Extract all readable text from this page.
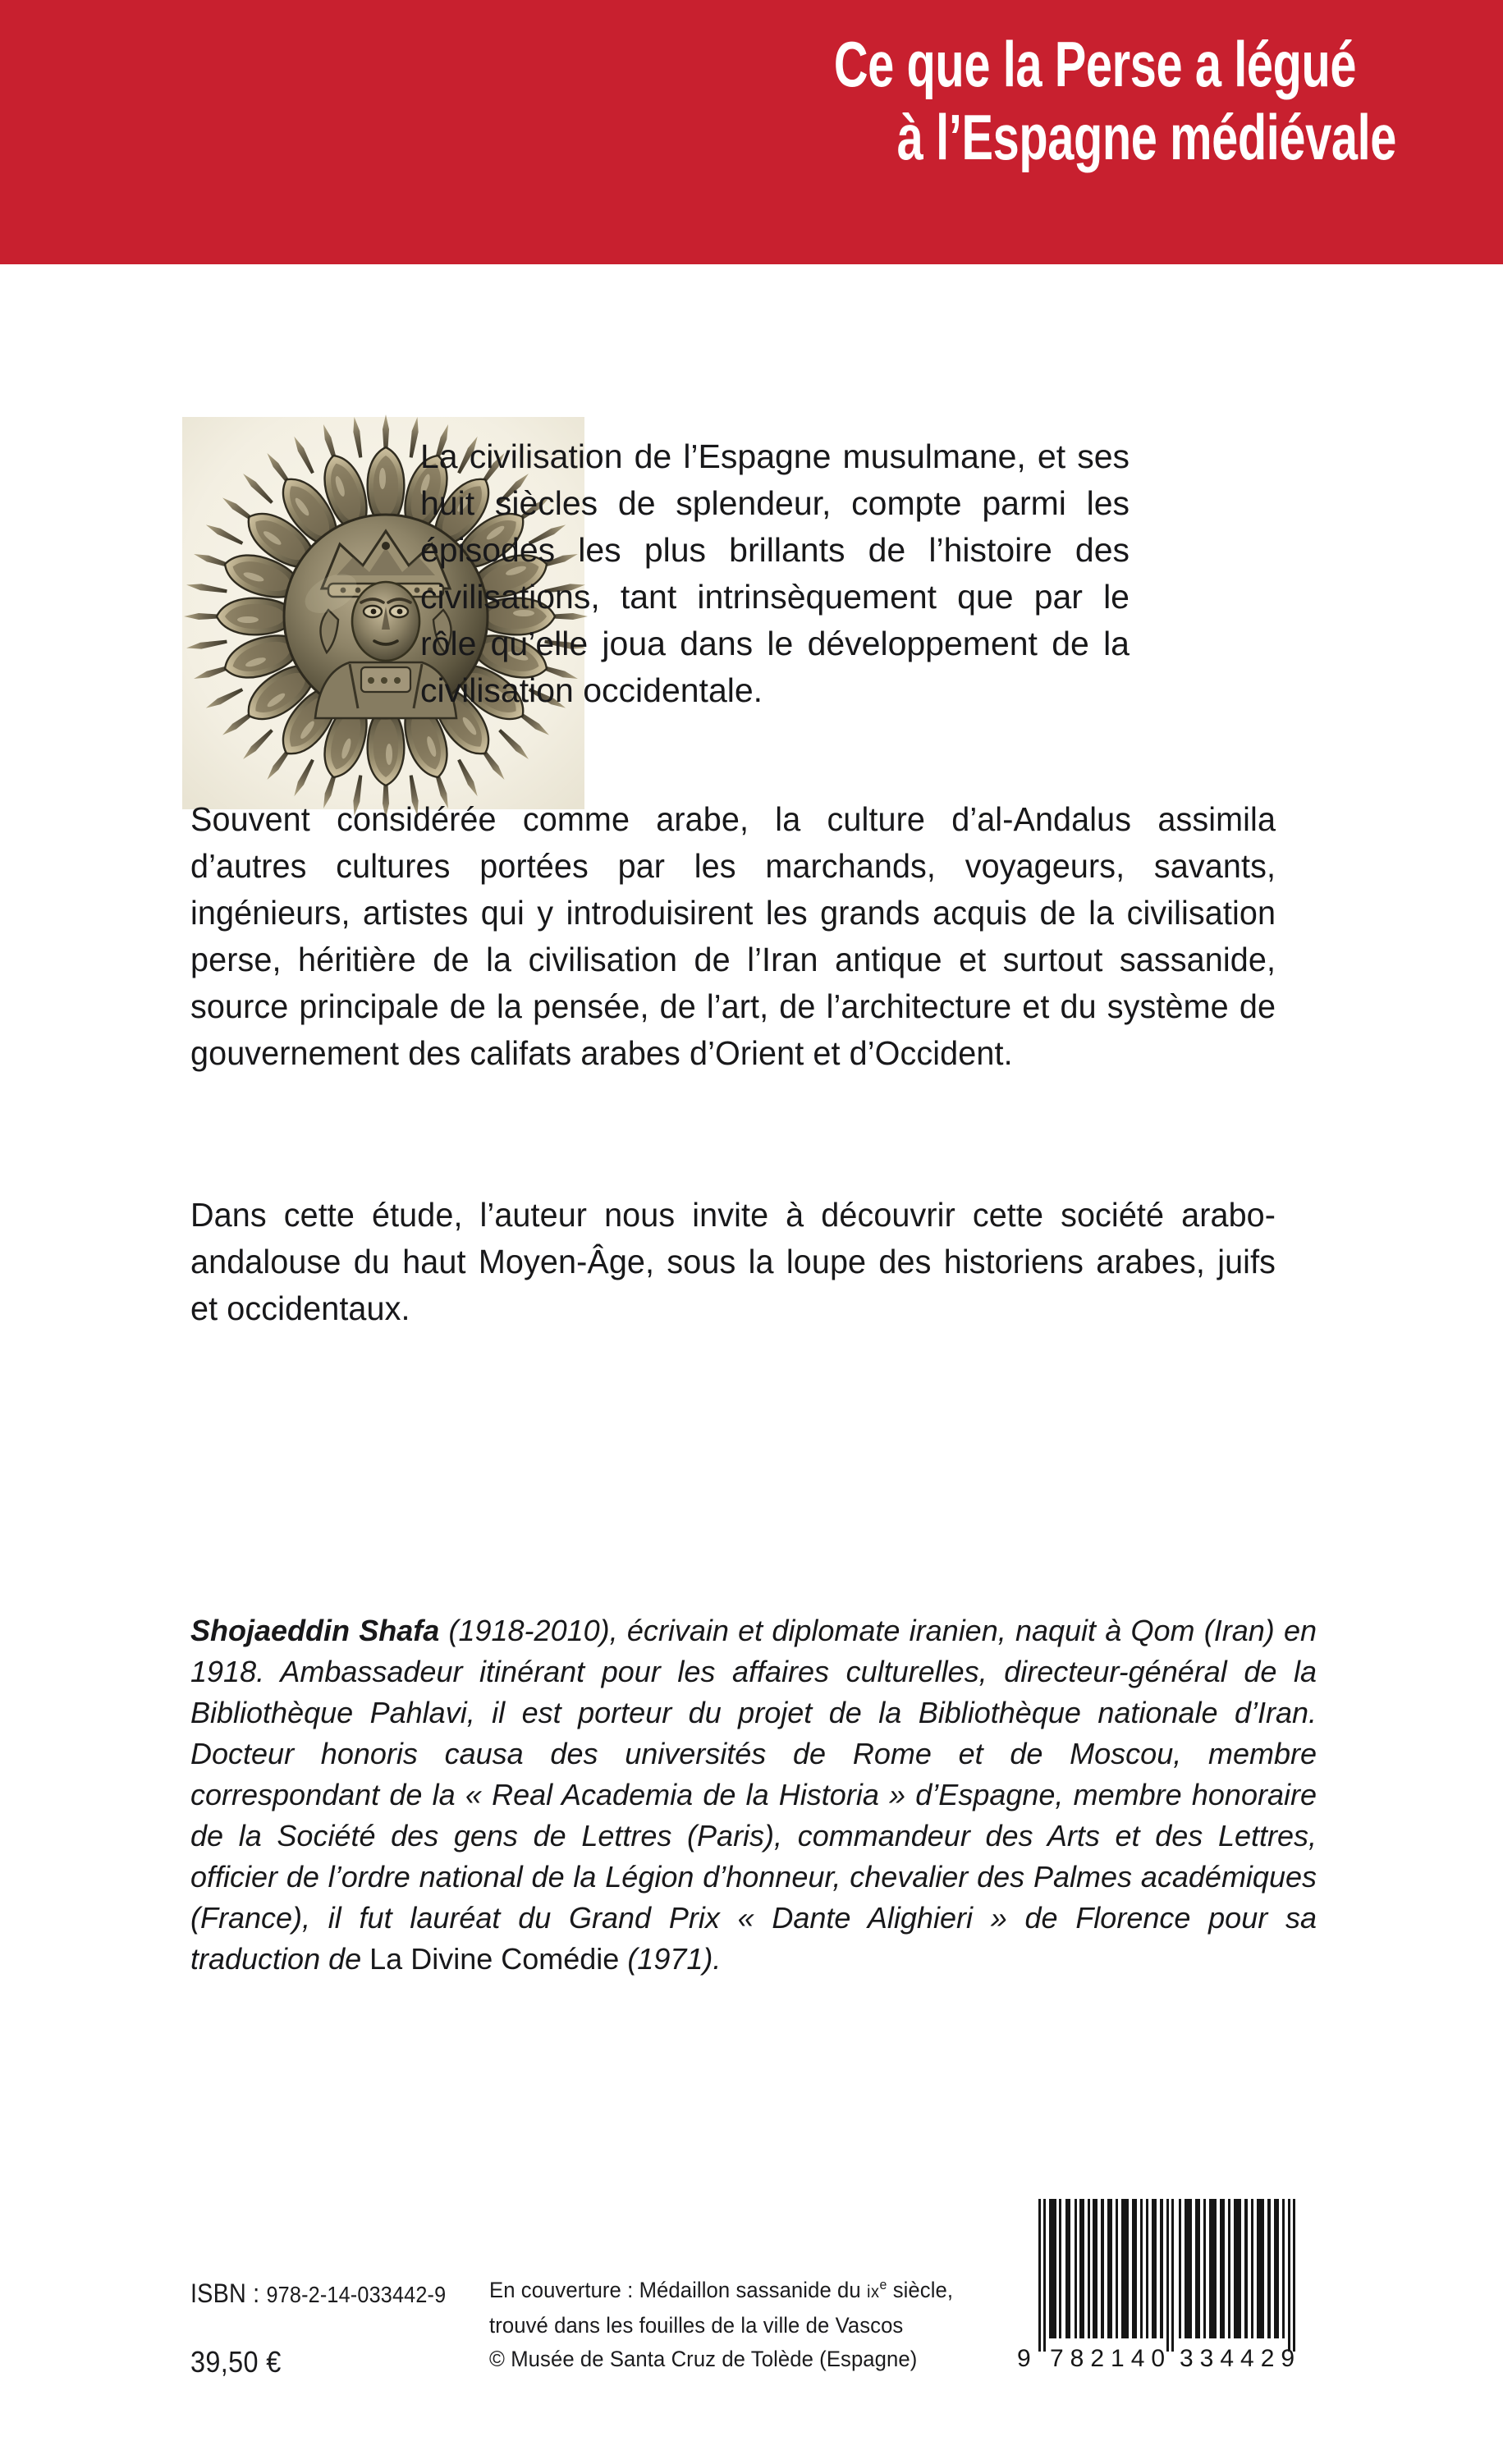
Ce que la Perse a légué
à l’Espagne médiévale

La civilisation de l’Espagne musulmane, et ses huit siècles de splendeur, compte parmi les épisodes les plus brillants de l’histoire des civilisations, tant intrinsèquement que par le rôle qu’elle joua dans le développement de la civilisation occidentale.

Souvent considérée comme arabe, la culture d’al-Andalus assimila d’autres cultures portées par les marchands, voyageurs, savants, ingénieurs, artistes qui y introduisirent les grands acquis de la civilisation perse, héritière de la civilisation de l’Iran antique et surtout sassanide, source principale de la pensée, de l’art, de l’architecture et du système de gouvernement des califats arabes d’Orient et d’Occident.

Dans cette étude, l’auteur nous invite à découvrir cette société arabo-andalouse du haut Moyen-Âge, sous la loupe des historiens arabes, juifs et occidentaux.

Shojaeddin Shafa (1918-2010), écrivain et diplomate iranien, naquit à Qom (Iran) en 1918. Ambassadeur itinérant pour les affaires culturelles, directeur-général de la Bibliothèque Pahlavi, il est porteur du projet de la Bibliothèque nationale d’Iran. Docteur honoris causa des universités de Rome et de Moscou, membre correspondant de la « Real Academia de la Historia » d’Espagne, membre honoraire de la Société des gens de Lettres (Paris), commandeur des Arts et des Lettres, officier de l’ordre national de la Légion d’honneur, chevalier des Palmes académiques (France), il fut lauréat du Grand Prix « Dante Alighieri » de Florence pour sa traduction de La Divine Comédie (1971).

ISBN : 978-2-14-033442-9
39,50 €
En couverture : Médaillon sassanide du $ix^e$ siècle,
trouvé dans les fouilles de la ville de Vascos
© Musée de Santa Cruz de Tolède (Espagne)	9 782140 334429
